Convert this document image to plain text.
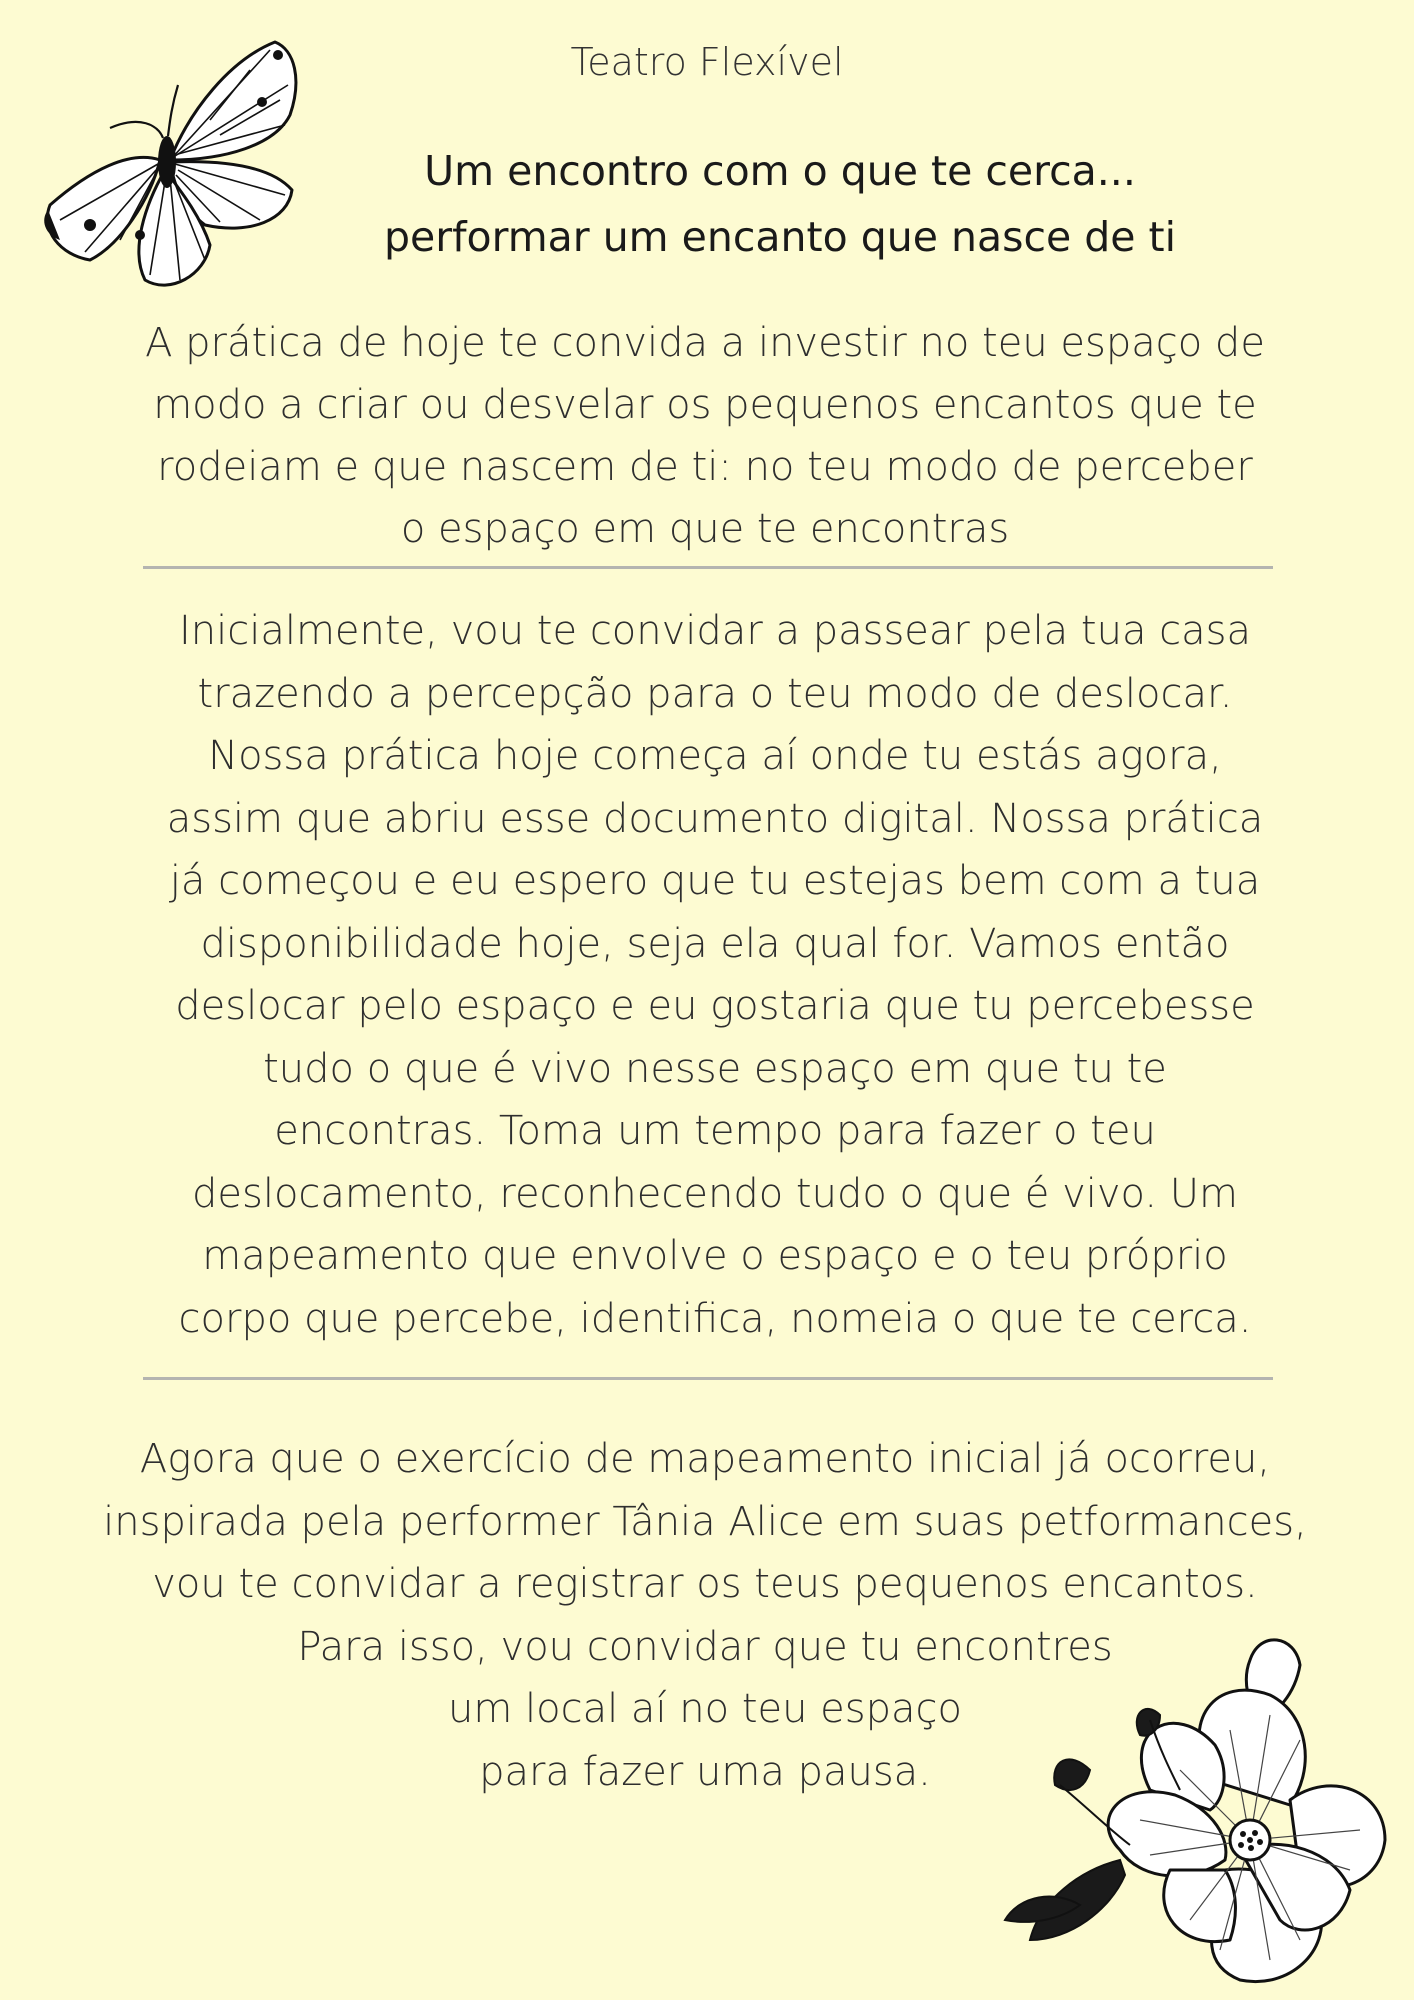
Teatro Flexível
Um encontro com o que te cerca...
performar um encanto que nasce de ti
A prática de hoje te convida a investir no teu espaço de
modo a criar ou desvelar os pequenos encantos que te
rodeiam e que nascem de ti: no teu modo de perceber
o espaço em que te encontras
Inicialmente, vou te convidar a passear pela tua casa
trazendo a percepção para o teu modo de deslocar.
Nossa prática hoje começa aí onde tu estás agora,
assim que abriu esse documento digital. Nossa prática
já começou e eu espero que tu estejas bem com a tua
disponibilidade hoje, seja ela qual for. Vamos então
deslocar pelo espaço e eu gostaria que tu percebesse
tudo o que é vivo nesse espaço em que tu te
encontras. Toma um tempo para fazer o teu
deslocamento, reconhecendo tudo o que é vivo. Um
mapeamento que envolve o espaço e o teu próprio
corpo que percebe, identifica, nomeia o que te cerca.
Agora que o exercício de mapeamento inicial já ocorreu,
inspirada pela performer Tânia Alice em suas petformances,
vou te convidar a registrar os teus pequenos encantos.
Para isso, vou convidar que tu encontres
um local aí no teu espaço
para fazer uma pausa.
